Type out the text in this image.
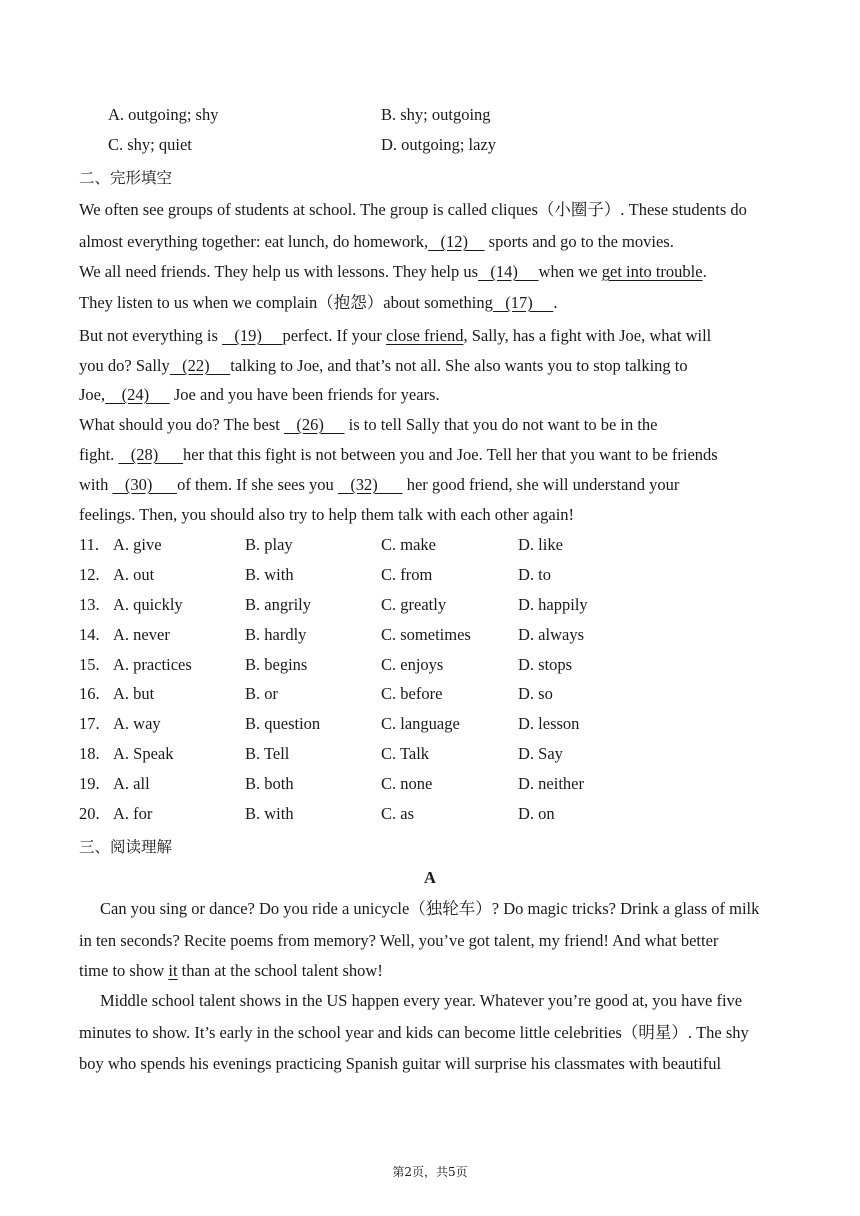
A. outgoing; shy	B. shy; outgoing
C. shy; quiet	D. outgoing; lazy
二、完形填空
We often see groups of students at school. The group is called cliques（小圈子）. These students do
almost everything together: eat lunch, do homework,   (12)     sports and go to the movies.
We all need friends. They help us with lessons. They help us   (14)     when we get into trouble.
They listen to us when we complain（抱怨）about something   (17)     .
But not everything is    (19)     perfect. If your close friend, Sally, has a fight with Joe, what will
you do? Sally   (22)     talking to Joe, and that’s not all. She also wants you to stop talking to
Joe,    (24)      Joe and you have been friends for years.
What should you do? The best    (26)      is to tell Sally that you do not want to be in the
fight.    (28)      her that this fight is not between you and Joe. Tell her that you want to be friends
with    (30)      of them. If she sees you    (32)       her good friend, she will understand your
feelings. Then, you should also try to help them talk with each other again!
11. A. give	B. play	C. make	D. like
12. A. out	B. with	C. from	D. to
13. A. quickly	B. angrily	C. greatly	D. happily
14. A. never	B. hardly	C. sometimes	D. always
15. A. practices	B. begins	C. enjoys	D. stops
16. A. but	B. or	C. before	D. so
17. A. way	B. question	C. language	D. lesson
18. A. Speak	B. Tell	C. Talk	D. Say
19. A. all	B. both	C. none	D. neither
20. A. for	B. with	C. as	D. on
三、阅读理解
A
Can you sing or dance? Do you ride a unicycle（独轮车）? Do magic tricks? Drink a glass of milk
in ten seconds? Recite poems from memory? Well, you’ve got talent, my friend! And what better
time to show it than at the school talent show!
Middle school talent shows in the US happen every year. Whatever you’re good at, you have five
minutes to show. It’s early in the school year and kids can become little celebrities（明星）. The shy
boy who spends his evenings practicing Spanish guitar will surprise his classmates with beautiful
第2页，共5页
